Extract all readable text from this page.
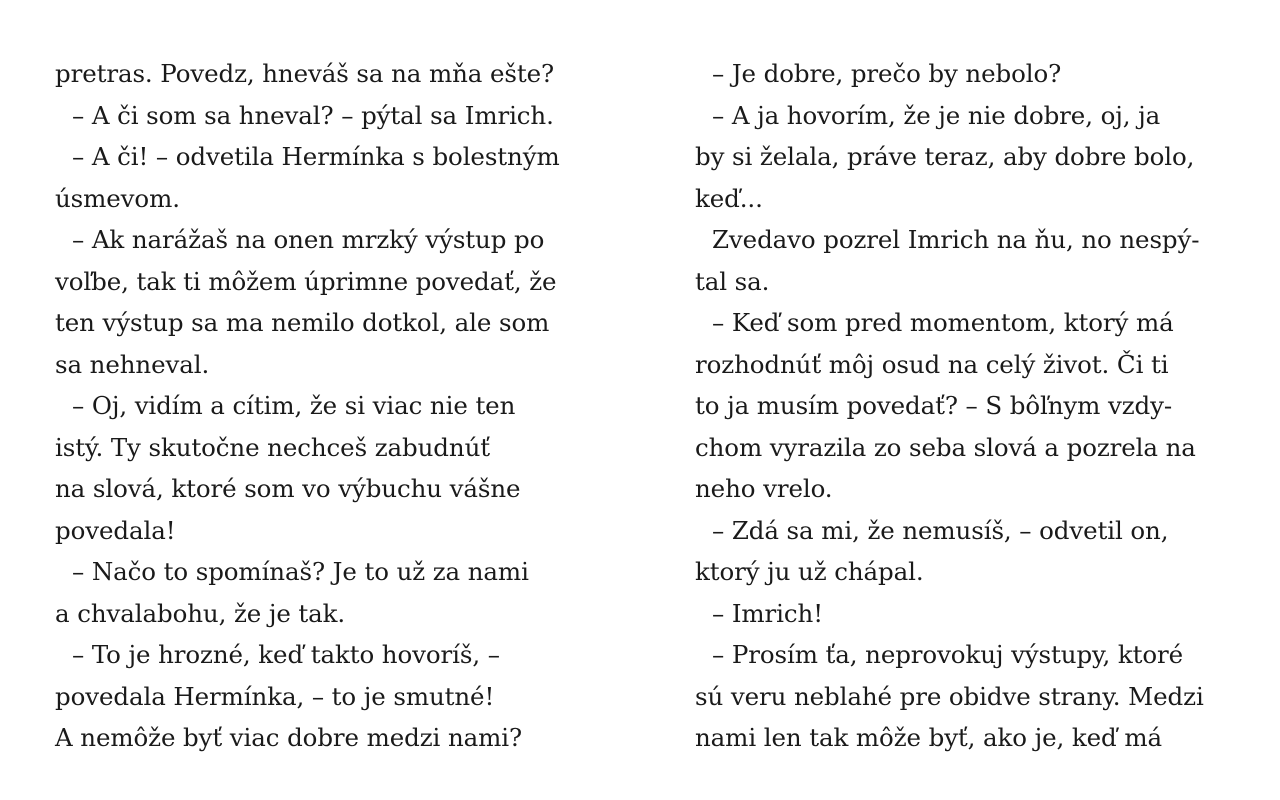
pretras. Povedz, hneváš sa na mňa ešte?
– A či som sa hneval? – pýtal sa Imrich.
– A či! – odvetila Hermínka s bolestným
úsmevom.
– Ak narážaš na onen mrzký výstup po
voľbe, tak ti môžem úprimne povedať, že
ten výstup sa ma nemilo dotkol, ale som
sa nehneval.
– Oj, vidím a cítim, že si viac nie ten
istý. Ty skutočne nechceš zabudnúť
na slová, ktoré som vo výbuchu vášne
povedala!
– Načo to spomínaš? Je to už za nami
a chvalabohu, že je tak.
– To je hrozné, keď takto hovoríš, –
povedala Hermínka, – to je smutné!
A nemôže byť viac dobre medzi nami?
– Je dobre, prečo by nebolo?
– A ja hovorím, že je nie dobre, oj, ja
by si želala, práve teraz, aby dobre bolo,
keď...
Zvedavo pozrel Imrich na ňu, no nespý-
tal sa.
– Keď som pred momentom, ktorý má
rozhodnúť môj osud na celý život. Či ti
to ja musím povedať? – S bôľnym vzdy-
chom vyrazila zo seba slová a pozrela na
neho vrelo.
– Zdá sa mi, že nemusíš, – odvetil on,
ktorý ju už chápal.
– Imrich!
– Prosím ťa, neprovokuj výstupy, ktoré
sú veru neblahé pre obidve strany. Medzi
nami len tak môže byť, ako je, keď má
